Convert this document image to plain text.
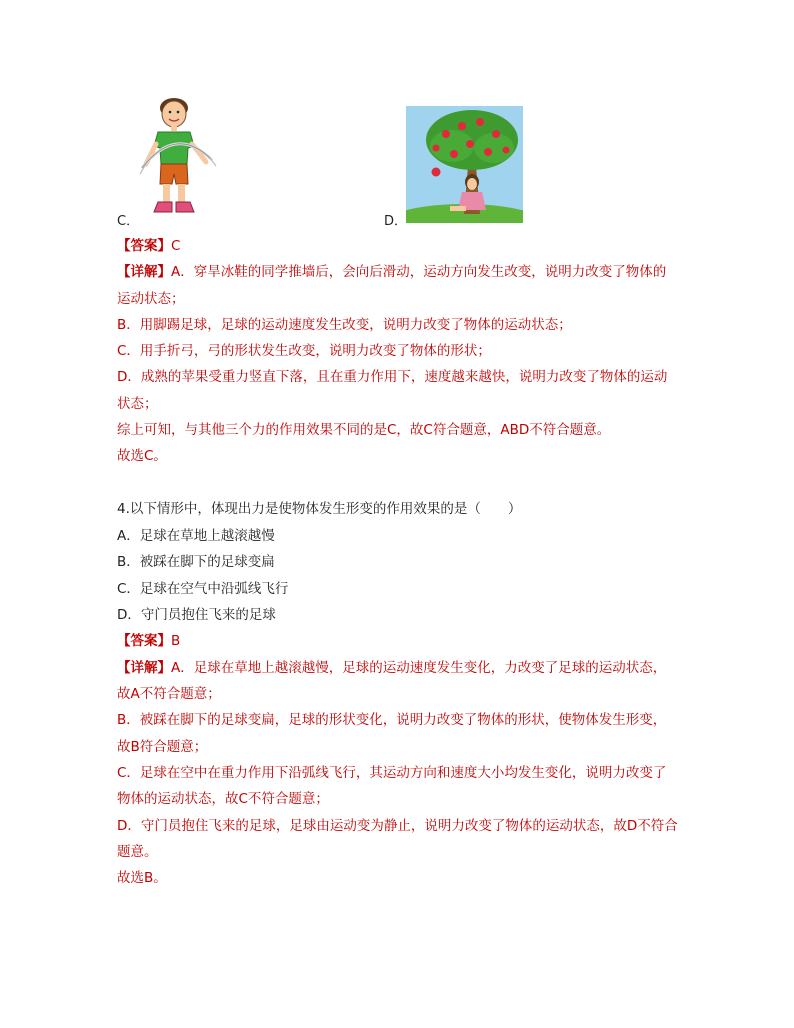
C．	D．
【答案】C
【详解】A．穿旱冰鞋的同学推墙后，会向后滑动，运动方向发生改变，说明力改变了物体的
运动状态；
B．用脚踢足球，足球的运动速度发生改变，说明力改变了物体的运动状态；
C．用手折弓，弓的形状发生改变，说明力改变了物体的形状；
D．成熟的苹果受重力竖直下落，且在重力作用下，速度越来越快，说明力改变了物体的运动
状态；
综上可知，与其他三个力的作用效果不同的是C，故C符合题意，ABD不符合题意。
故选C。
4.以下情形中，体现出力是使物体发生形变的作用效果的是（　　）
A．足球在草地上越滚越慢
B．被踩在脚下的足球变扁
C．足球在空气中沿弧线飞行
D．守门员抱住飞来的足球
【答案】B
【详解】A．足球在草地上越滚越慢，足球的运动速度发生变化，力改变了足球的运动状态，
故A不符合题意；
B．被踩在脚下的足球变扁，足球的形状变化，说明力改变了物体的形状，使物体发生形变，
故B符合题意；
C．足球在空中在重力作用下沿弧线飞行，其运动方向和速度大小均发生变化，说明力改变了
物体的运动状态，故C不符合题意；
D．守门员抱住飞来的足球，足球由运动变为静止，说明力改变了物体的运动状态，故D不符合
题意。
故选B。
